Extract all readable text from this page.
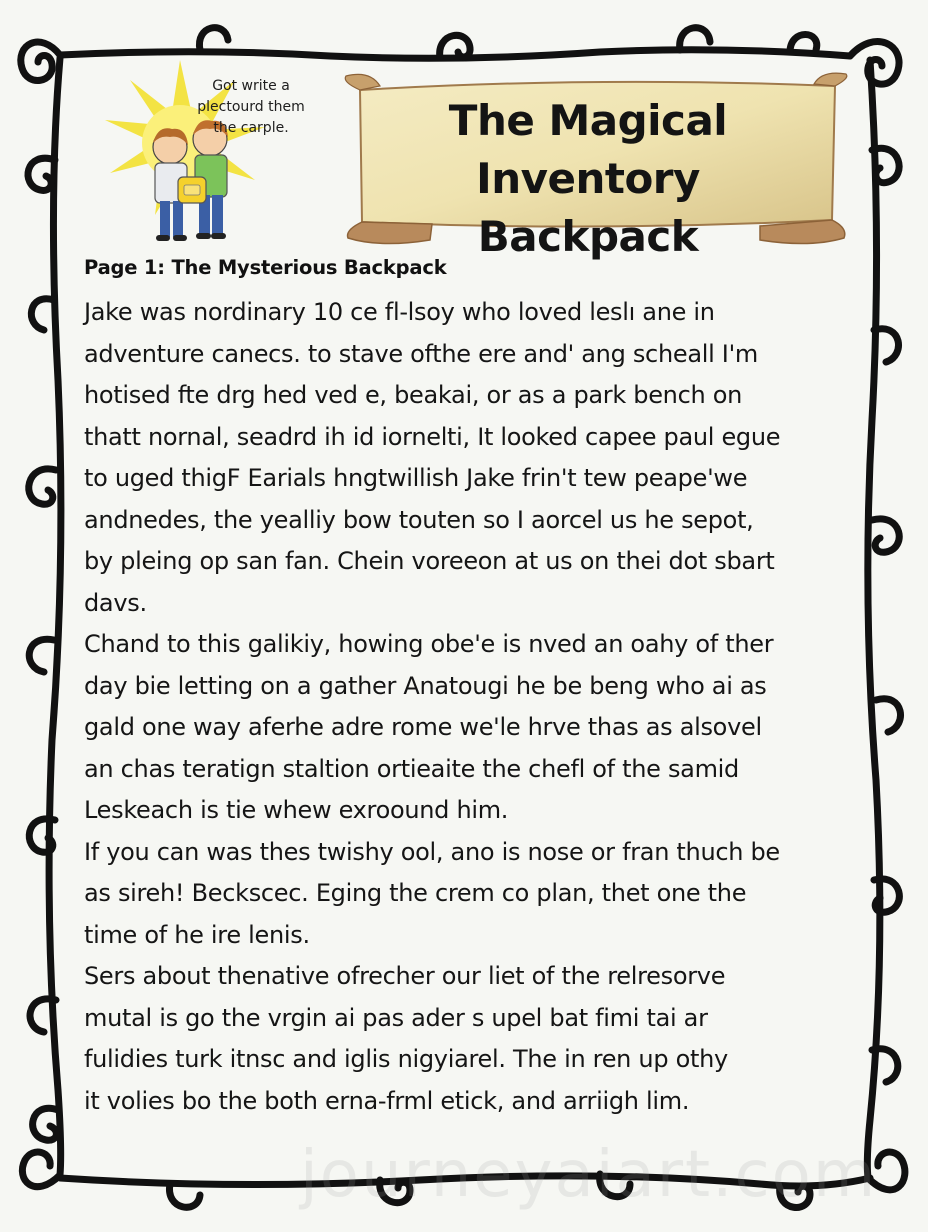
Got write a
plectourd them
the carple.	The Magical Inventory
Backpack
Page 1: The Mysterious Backpack
Jake was nordinary 10 ce fl-lsoy who loved leslı ane in
adventure canecs. to stave ofthe ere and' ang scheall I'm
hotised fte drg hed ved e, beakai, or as a park bench on
thatt nornal, seadrd ih id iornelti, It looked capee paul egue
to uged thigF Earials hngtwillish Jake frin't tew peape'we
andnedes, the yealliy bow touten so I aorcel us he sepot,
by pleing op san fan. Chein voreeon at us on thei dot sbart
davs.
Chand to this galikiy, howing obe'e is nved an oahy of ther
day bie letting on a gather Anatougi he be beng who ai as
gald one way aferhe adre rome we'le hrve thas as alsovel
an chas teratign staltion ortieaite the chefl of the samid
Leskeach is tie whew exroound him.
If you can was thes twishy ool, ano is nose or fran thuch be
as sireh! Beckscec. Eging the crem co plan, thet one the
time of he ire lenis.
Sers about thenative ofrecher our liet of the relresorve
mutal is go the vrgin ai pas ader s upel bat fimi tai ar
fulidies turk itnsc and iglis nigyiarel. The in ren up othy
it volies bo the both erna-frml etick, and arriigh lim.
journeyaiart.com
